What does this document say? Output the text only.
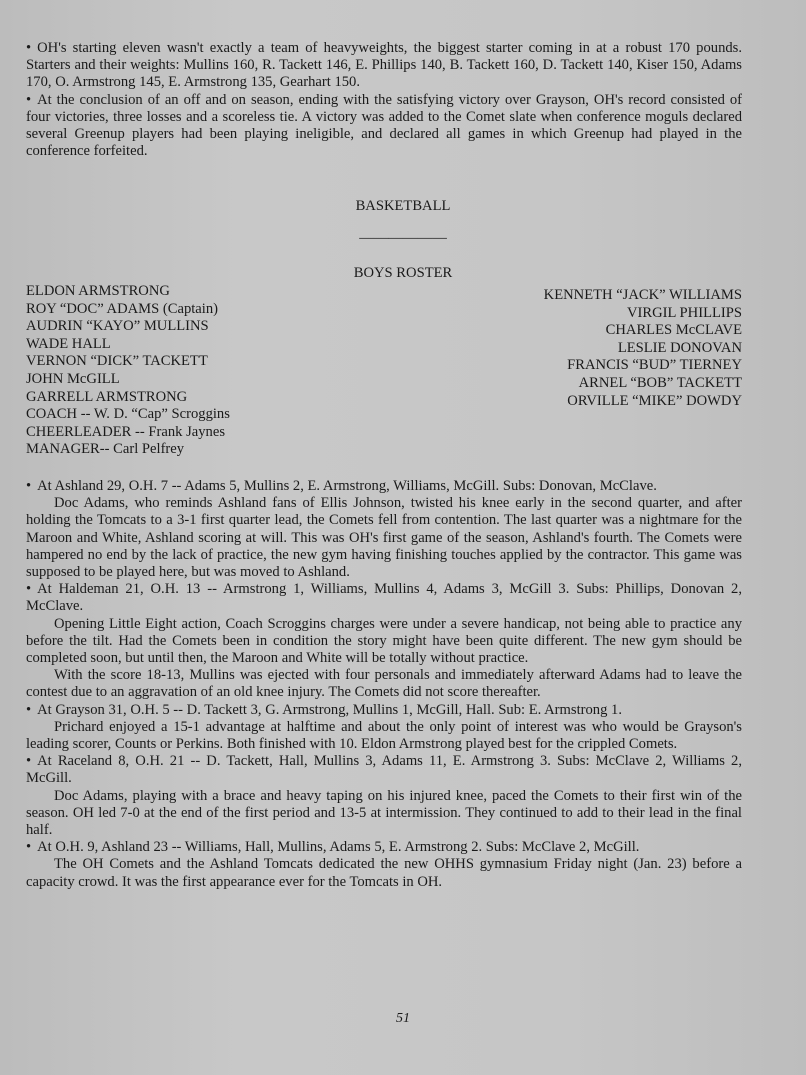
• OH's starting eleven wasn't exactly a team of heavyweights, the biggest starter coming in at a robust 170 pounds. Starters and their weights: Mullins 160, R. Tackett 146, E. Phillips 140, B. Tackett 160, D. Tackett 140, Kiser 150, Adams 170, O. Armstrong 145, E. Armstrong 135, Gearhart 150.

• At the conclusion of an off and on season, ending with the satisfying victory over Grayson, OH's record consisted of four victories, three losses and a scoreless tie. A victory was added to the Comet slate when conference moguls declared several Greenup players had been playing ineligible, and declared all games in which Greenup had played in the conference forfeited.

BASKETBALL
——————
BOYS ROSTER
ELDON ARMSTRONG
ROY “DOC” ADAMS (Captain)
AUDRIN “KAYO” MULLINS
WADE HALL
VERNON “DICK” TACKETT
JOHN McGILL
GARRELL ARMSTRONG
COACH -- W. D. “Cap” Scroggins
CHEERLEADER -- Frank Jaynes
MANAGER-- Carl Pelfrey
KENNETH “JACK” WILLIAMS
VIRGIL PHILLIPS
CHARLES McCLAVE
LESLIE DONOVAN
FRANCIS “BUD” TIERNEY
ARNEL “BOB” TACKETT
ORVILLE “MIKE” DOWDY

• At Ashland 29, O.H. 7 -- Adams 5, Mullins 2, E. Armstrong, Williams, McGill. Subs: Donovan, McClave.

Doc Adams, who reminds Ashland fans of Ellis Johnson, twisted his knee early in the second quarter, and after holding the Tomcats to a 3-1 first quarter lead, the Comets fell from contention. The last quarter was a nightmare for the Maroon and White, Ashland scoring at will. This was OH's first game of the season, Ashland's fourth. The Comets were hampered no end by the lack of practice, the new gym having finishing touches applied by the contractor. This game was supposed to be played here, but was moved to Ashland.

• At Haldeman 21, O.H. 13 -- Armstrong 1, Williams, Mullins 4, Adams 3, McGill 3. Subs: Phillips, Donovan 2, McClave.

Opening Little Eight action, Coach Scroggins charges were under a severe handicap, not being able to practice any before the tilt. Had the Comets been in condition the story might have been quite different. The new gym should be completed soon, but until then, the Maroon and White will be totally without practice.

With the score 18-13, Mullins was ejected with four personals and immediately afterward Adams had to leave the contest due to an aggravation of an old knee injury. The Comets did not score thereafter.

• At Grayson 31, O.H. 5 -- D. Tackett 3, G. Armstrong, Mullins 1, McGill, Hall. Sub: E. Armstrong 1.

Prichard enjoyed a 15-1 advantage at halftime and about the only point of interest was who would be Grayson's leading scorer, Counts or Perkins. Both finished with 10. Eldon Armstrong played best for the crippled Comets.

• At Raceland 8, O.H. 21 -- D. Tackett, Hall, Mullins 3, Adams 11, E. Armstrong 3. Subs: McClave 2, Williams 2, McGill.

Doc Adams, playing with a brace and heavy taping on his injured knee, paced the Comets to their first win of the season. OH led 7-0 at the end of the first period and 13-5 at intermission. They continued to add to their lead in the final half.

• At O.H. 9, Ashland 23 -- Williams, Hall, Mullins, Adams 5, E. Armstrong 2. Subs: McClave 2, McGill.

The OH Comets and the Ashland Tomcats dedicated the new OHHS gymnasium Friday night (Jan. 23) before a capacity crowd. It was the first appearance ever for the Tomcats in OH.

51
